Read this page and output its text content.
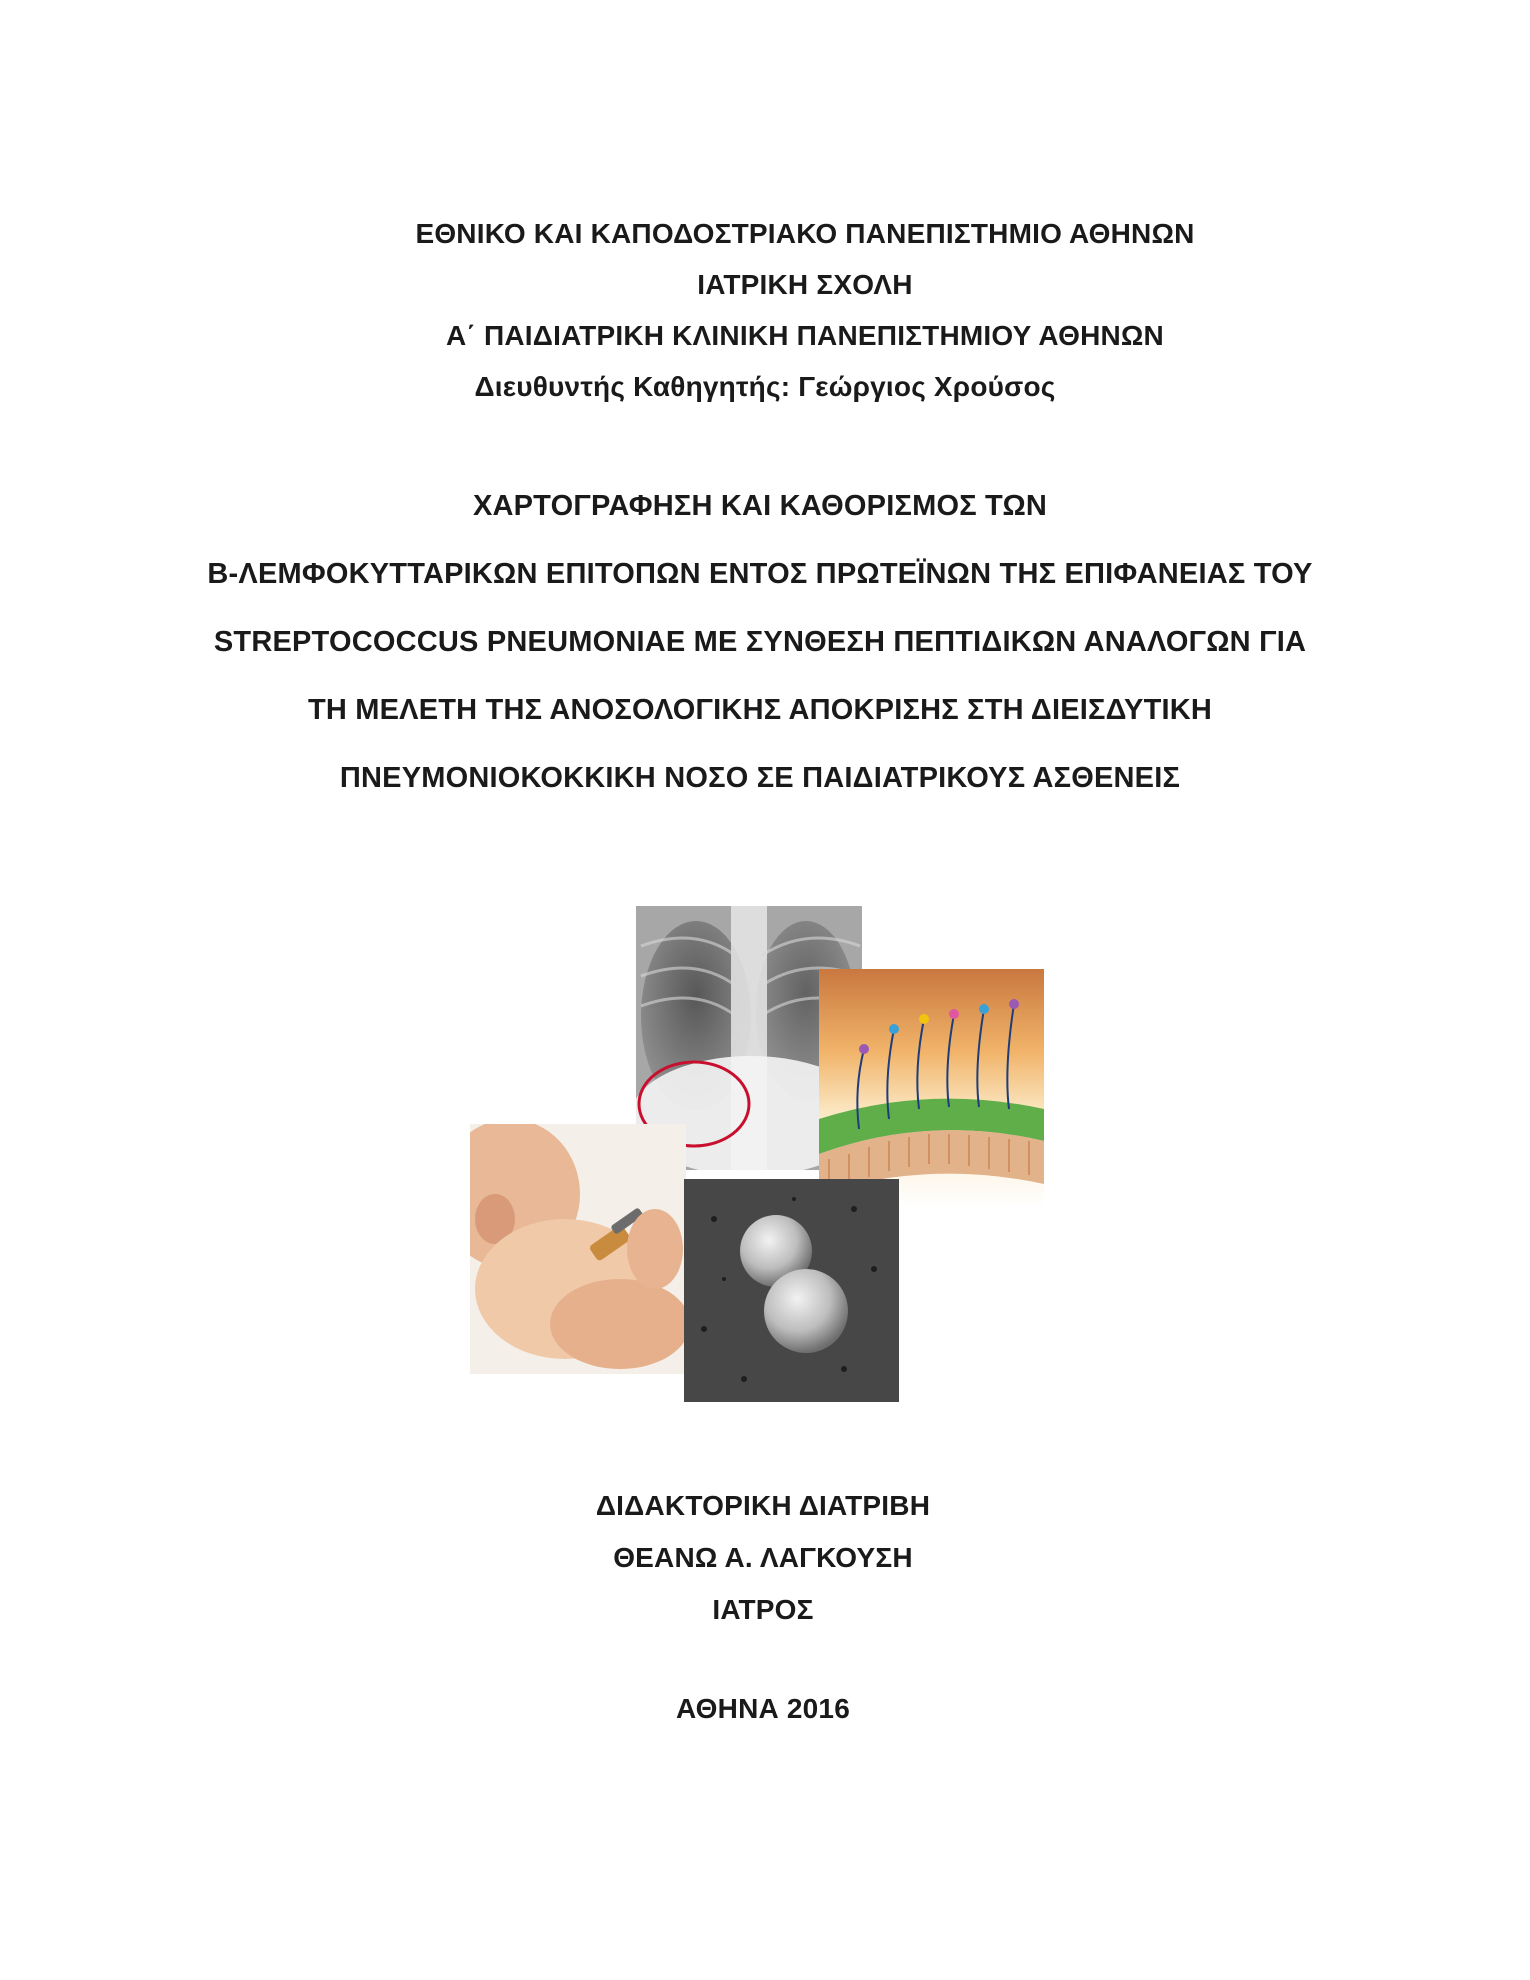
ΕΘΝΙΚΟ ΚΑΙ ΚΑΠΟΔΟΣΤΡΙΑΚΟ ΠΑΝΕΠΙΣΤΗΜΙΟ ΑΘΗΝΩΝ
ΙΑΤΡΙΚΗ ΣΧΟΛΗ
Α΄ ΠΑΙΔΙΑΤΡΙΚΗ ΚΛΙΝΙΚΗ ΠΑΝΕΠΙΣΤΗΜΙΟΥ ΑΘΗΝΩΝ
Διευθυντής Καθηγητής: Γεώργιος Χρούσος
ΧΑΡΤΟΓΡΑΦΗΣΗ ΚΑΙ ΚΑΘΟΡΙΣΜΟΣ ΤΩΝ
Β-ΛΕΜΦΟΚΥΤΤΑΡΙΚΩΝ ΕΠΙΤΟΠΩΝ ΕΝΤΟΣ ΠΡΩΤΕΪΝΩΝ ΤΗΣ ΕΠΙΦΑΝΕΙΑΣ ΤΟΥ
STREPTOCOCCUS PNEUMONIAE ΜΕ ΣΥΝΘΕΣΗ ΠΕΠΤΙΔΙΚΩΝ ΑΝΑΛΟΓΩΝ ΓΙΑ
ΤΗ ΜΕΛΕΤΗ ΤΗΣ ΑΝΟΣΟΛΟΓΙΚΗΣ ΑΠΟΚΡΙΣΗΣ ΣΤΗ ΔΙΕΙΣΔΥΤΙΚΗ
ΠΝΕΥΜΟΝΙΟΚΟΚΚΙΚΗ ΝΟΣΟ ΣΕ ΠΑΙΔΙΑΤΡΙΚΟΥΣ ΑΣΘΕΝΕΙΣ
ΔΙΔΑΚΤΟΡΙΚΗ ΔΙΑΤΡΙΒΗ
ΘΕΑΝΩ Α. ΛΑΓΚΟΥΣΗ
ΙΑΤΡΟΣ
ΑΘΗΝΑ 2016
